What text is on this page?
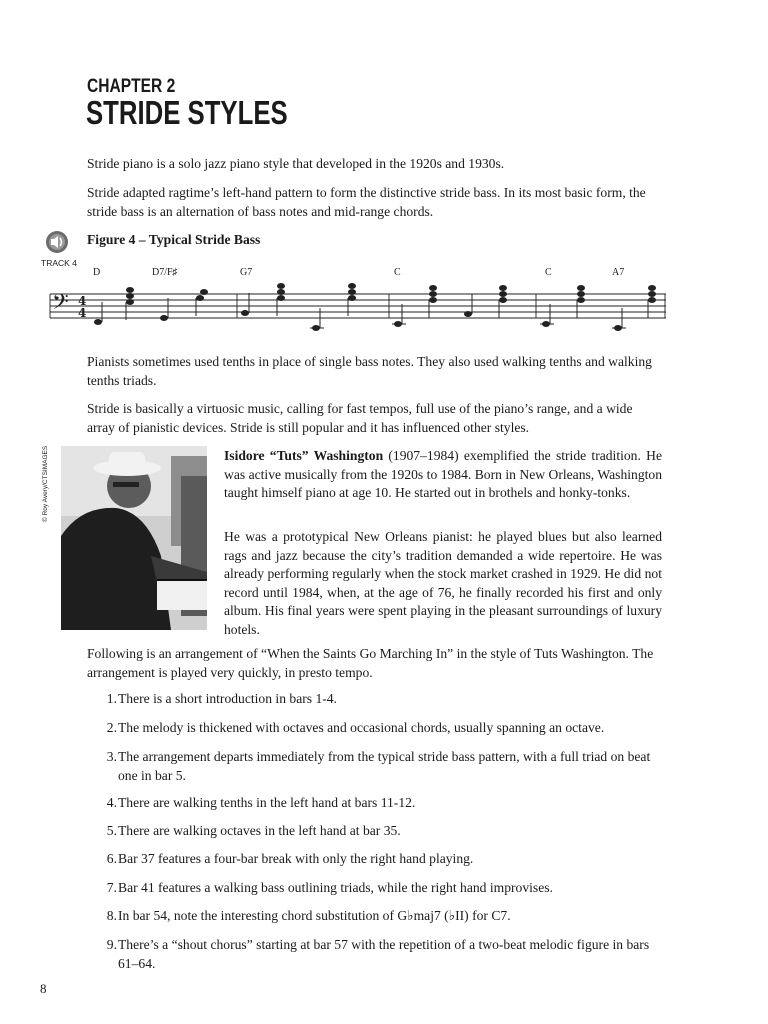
CHAPTER 2
STRIDE STYLES

Stride piano is a solo jazz piano style that developed in the 1920s and 1930s.

Stride adapted ragtime’s left-hand pattern to form the distinctive stride bass. In its most basic form, the stride bass is an alternation of bass notes and mid-range chords.

TRACK 4
Figure 4 – Typical Stride Bass
D	D7/F♯	G7	C	C	A7
𝄢 4
4

Pianists sometimes used tenths in place of single bass notes. They also used walking tenths and walking tenths triads.

Stride is basically a virtuosic music, calling for fast tempos, full use of the piano’s range, and a wide array of pianistic devices. Stride is still popular and it has influenced other styles.

© Roy Avery/CTSIMAGES	Isidore “Tuts” Washington (1907–1984) exemplified the stride tradition. He was active musically from the 1920s to 1984. Born in New Orleans, Washington taught himself piano at age 10. He started out in brothels and honky-tonks.

He was a prototypical New Orleans pianist: he played blues but also learned rags and jazz because the city’s tradition demanded a wide repertoire. He was already performing regularly when the stock market crashed in 1929. He did not record until 1984, when, at the age of 76, he finally recorded his first and only album. His final years were spent playing in the pleasant surroundings of luxury hotels.

Following is an arrangement of “When the Saints Go Marching In” in the style of Tuts Washington. The arrangement is played very quickly, in presto tempo.

1. There is a short introduction in bars 1-4.
2. The melody is thickened with octaves and occasional chords, usually spanning an octave.
3. The arrangement departs immediately from the typical stride bass pattern, with a full triad on beat one in bar 5.
4. There are walking tenths in the left hand at bars 11-12.
5. There are walking octaves in the left hand at bar 35.
6. Bar 37 features a four-bar break with only the right hand playing.
7. Bar 41 features a walking bass outlining triads, while the right hand improvises.
8. In bar 54, note the interesting chord substitution of G♭maj7 (♭II) for C7.
9. There’s a “shout chorus” starting at bar 57 with the repetition of a two-beat melodic figure in bars 61–64.
8
